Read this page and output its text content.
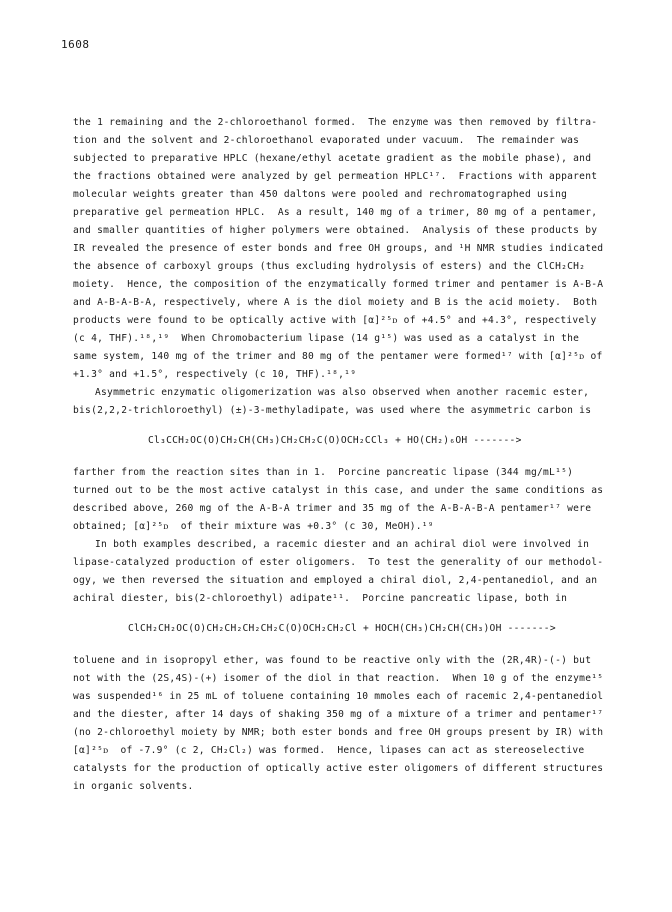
1608
the 1 remaining and the 2-chloroethanol formed.  The enzyme was then removed by filtra-
tion and the solvent and 2-chloroethanol evaporated under vacuum.  The remainder was
subjected to preparative HPLC (hexane/ethyl acetate gradient as the mobile phase), and
the fractions obtained were analyzed by gel permeation HPLC¹⁷.  Fractions with apparent
molecular weights greater than 450 daltons were pooled and rechromatographed using
preparative gel permeation HPLC.  As a result, 140 mg of a trimer, 80 mg of a pentamer,
and smaller quantities of higher polymers were obtained.  Analysis of these products by
IR revealed the presence of ester bonds and free OH groups, and ¹H NMR studies indicated
the absence of carboxyl groups (thus excluding hydrolysis of esters) and the ClCH₂CH₂
moiety.  Hence, the composition of the enzymatically formed trimer and pentamer is A-B-A
and A-B-A-B-A, respectively, where A is the diol moiety and B is the acid moiety.  Both
products were found to be optically active with [α]²⁵ᴅ of +4.5° and +4.3°, respectively
(c 4, THF).¹⁸,¹⁹  When Chromobacterium lipase (14 g¹⁵) was used as a catalyst in the
same system, 140 mg of the trimer and 80 mg of the pentamer were formed¹⁷ with [α]²⁵ᴅ of
+1.3° and +1.5°, respectively (c 10, THF).¹⁸,¹⁹
Asymmetric enzymatic oligomerization was also observed when another racemic ester,
bis(2,2,2-trichloroethyl) (±)-3-methyladipate, was used where the asymmetric carbon is
Cl₃CCH₂OC(O)CH₂CH(CH₃)CH₂CH₂C(O)OCH₂CCl₃ + HO(CH₂)₆OH ------->
farther from the reaction sites than in 1.  Porcine pancreatic lipase (344 mg/mL¹⁵)
turned out to be the most active catalyst in this case, and under the same conditions as
described above, 260 mg of the A-B-A trimer and 35 mg of the A-B-A-B-A pentamer¹⁷ were
obtained; [α]²⁵ᴅ  of their mixture was +0.3° (c 30, MeOH).¹⁹
In both examples described, a racemic diester and an achiral diol were involved in
lipase-catalyzed production of ester oligomers.  To test the generality of our methodol-
ogy, we then reversed the situation and employed a chiral diol, 2,4-pentanediol, and an
achiral diester, bis(2-chloroethyl) adipate¹¹.  Porcine pancreatic lipase, both in
ClCH₂CH₂OC(O)CH₂CH₂CH₂CH₂C(O)OCH₂CH₂Cl + HOCH(CH₃)CH₂CH(CH₃)OH ------->
toluene and in isopropyl ether, was found to be reactive only with the (2R,4R)-(-) but
not with the (2S,4S)-(+) isomer of the diol in that reaction.  When 10 g of the enzyme¹⁵
was suspended¹⁶ in 25 mL of toluene containing 10 mmoles each of racemic 2,4-pentanediol
and the diester, after 14 days of shaking 350 mg of a mixture of a trimer and pentamer¹⁷
(no 2-chloroethyl moiety by NMR; both ester bonds and free OH groups present by IR) with
[α]²⁵ᴅ  of -7.9° (c 2, CH₂Cl₂) was formed.  Hence, lipases can act as stereoselective
catalysts for the production of optically active ester oligomers of different structures
in organic solvents.
